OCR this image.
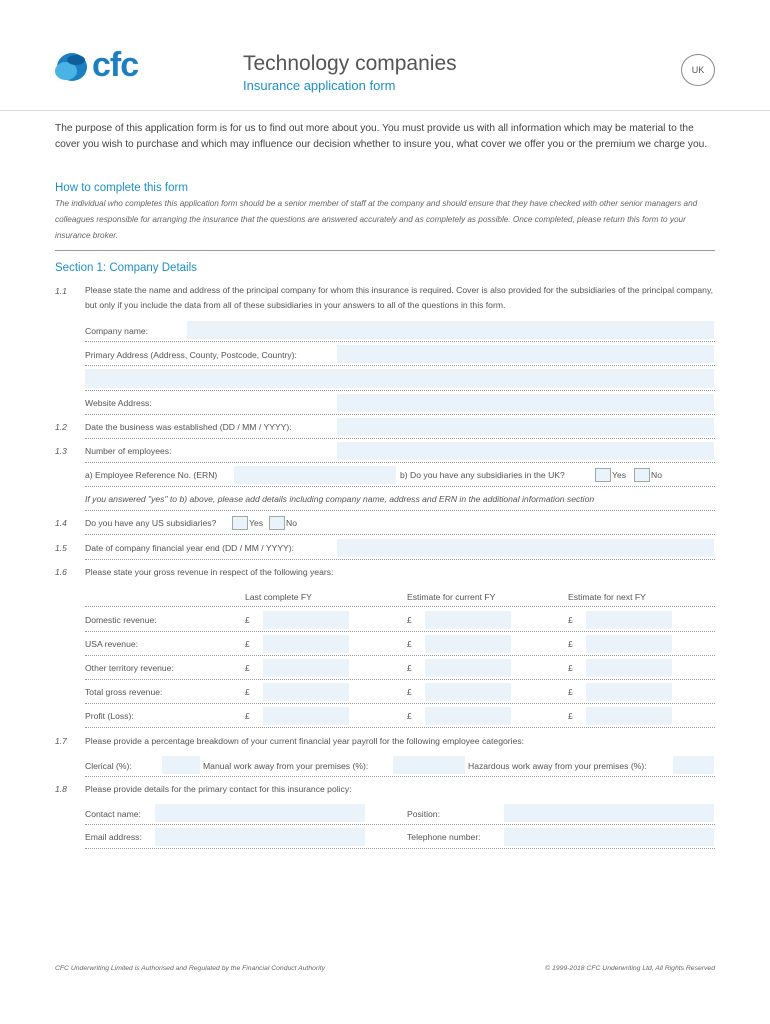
cfc	Technology companies
Insurance application form
UK
The purpose of this application form is for us to find out more about you. You must provide us with all information which may be material to the cover you wish to purchase and which may influence our decision whether to insure you, what cover we offer you or the premium we charge you.
How to complete this form
The individual who completes this application form should be a senior member of staff at the company and should ensure that they have checked with other senior managers and colleagues responsible for arranging the insurance that the questions are answered accurately and as completely as possible. Once completed, please return this form to your insurance broker.
Section 1: Company Details
1.1 Please state the name and address of the principal company for whom this insurance is required. Cover is also provided for the subsidiaries of the principal company, but only if you include the data from all of these subsidiaries in your answers to all of the questions in this form.
Company name:
Primary Address (Address, County, Postcode, Country):
Website Address:
1.2 Date the business was established (DD / MM / YYYY):
1.3 Number of employees:
a) Employee Reference No. (ERN)	b) Do you have any subsidiaries in the UK?	Yes	No
If you answered "yes" to b) above, please add details including company name, address and ERN in the additional information section
1.4 Do you have any US subsidiaries?	Yes	No
1.5 Date of company financial year end (DD / MM / YYYY):
1.6 Please state your gross revenue in respect of the following years:
Last complete FY	Estimate for current FY	Estimate for next FY
Domestic revenue:	£	£	£
USA revenue:	£	£	£
Other territory revenue:	£	£	£
Total gross revenue:	£	£	£
Profit (Loss):	£	£	£
1.7 Please provide a percentage breakdown of your current financial year payroll for the following employee categories:
Clerical (%):	Manual work away from your premises (%):	Hazardous work away from your premises (%):
1.8 Please provide details for the primary contact for this insurance policy:
Contact name:	Position:
Email address:	Telephone number:
CFC Underwriting Limited is Authorised and Regulated by the Financial Conduct Authority	© 1999-2018 CFC Underwriting Ltd, All Rights Reserved
